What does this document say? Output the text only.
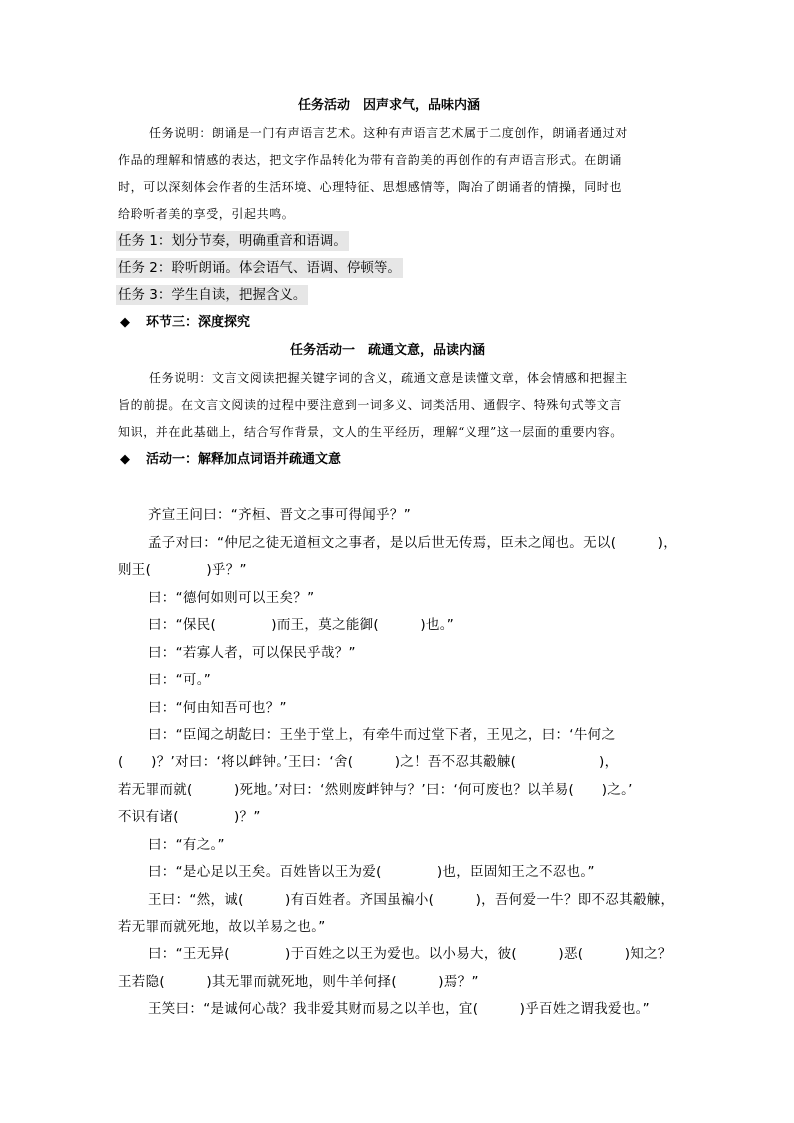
任务活动　因声求气，品味内涵
任务说明：朗诵是一门有声语言艺术。这种有声语言艺术属于二度创作，朗诵者通过对
作品的理解和情感的表达，把文字作品转化为带有音韵美的再创作的有声语言形式。在朗诵
时，可以深刻体会作者的生活环境、心理特征、思想感情等，陶冶了朗诵者的情操，同时也
给聆听者美的享受，引起共鸣。
任务 1：划分节奏，明确重音和语调。
任务 2：聆听朗诵。体会语气、语调、停顿等。
任务 3：学生自读，把握含义。
◆ 环节三：深度探究
任务活动一　疏通文意，品读内涵
任务说明：文言文阅读把握关键字词的含义，疏通文意是读懂文章，体会情感和把握主
旨的前提。在文言文阅读的过程中要注意到一词多义、词类活用、通假字、特殊句式等文言
知识，并在此基础上，结合写作背景，文人的生平经历，理解“义理”这一层面的重要内容。
◆ 活动一：解释加点词语并疏通文意
齐宣王问曰：“齐桓、晋文之事可得闻乎？”
孟子对曰：“仲尼之徒无道桓文之事者，是以后世无传焉，臣未之闻也。无以(　　　)，
则王(　　　　)乎？”
曰：“德何如则可以王矣？”
曰：“保民(　　　　)而王，莫之能御(　　　)也。”
曰：“若寡人者，可以保民乎哉？”
曰：“可。”
曰：“何由知吾可也？”
曰：“臣闻之胡龁曰：王坐于堂上，有牵牛而过堂下者，王见之，曰：‘牛何之
(　　)？’对曰：‘将以衅钟。’王曰：‘舍(　　　)之！吾不忍其觳觫(　　　　　　)，
若无罪而就(　　　)死地。’对曰：‘然则废衅钟与？’曰：‘何可废也？以羊易(　　)之。’
不识有诸(　　　　)？”
曰：“有之。”
曰：“是心足以王矣。百姓皆以王为爱(　　　　)也，臣固知王之不忍也。”
王曰：“然，诚(　　　)有百姓者。齐国虽褊小(　　　)，吾何爱一牛？即不忍其觳觫，
若无罪而就死地，故以羊易之也。”
曰：“王无异(　　　　)于百姓之以王为爱也。以小易大，彼(　　　)恶(　　　)知之？
王若隐(　　　)其无罪而就死地，则牛羊何择(　　　)焉？”
王笑曰：“是诚何心哉？我非爱其财而易之以羊也，宜(　　　)乎百姓之谓我爱也。”
